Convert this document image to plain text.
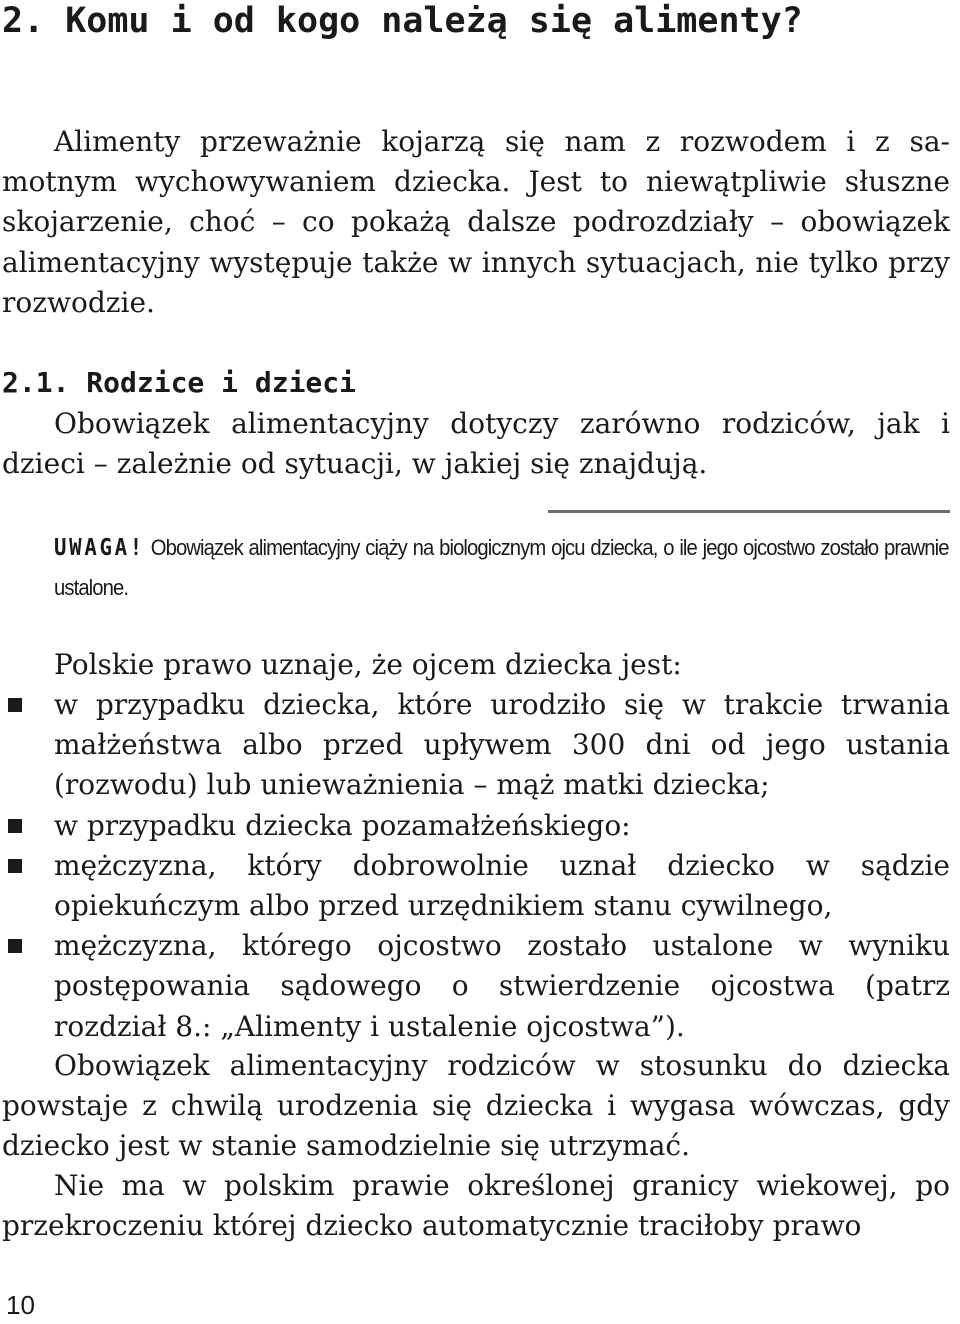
2. Komu i od kogo należą się alimenty?

Alimenty przeważnie kojarzą się nam z rozwodem i z samotnym wychowywaniem dziecka. Jest to niewątpliwie słuszne skojarzenie, choć – co pokażą dalsze podrozdziały – obowiązek alimentacyjny występuje także w innych sytuacjach, nie tylko przy rozwodzie.

2.1. Rodzice i dzieci

Obowiązek alimentacyjny dotyczy zarówno rodziców, jak i dzieci – zależnie od sytuacji, w jakiej się znajdują.

UWAGA! Obowiązek alimentacyjny ciąży na biologicznym ojcu dziecka, o ile jego ojcostwo zostało prawnie ustalone.

Polskie prawo uznaje, że ojcem dziecka jest:

w przypadku dziecka, które urodziło się w trakcie trwania małżeństwa albo przed upływem 300 dni od jego ustania (rozwodu) lub unieważnienia – mąż matki dziecka;
w przypadku dziecka pozamałżeńskiego:
mężczyzna, który dobrowolnie uznał dziecko w sądzie opiekuńczym albo przed urzędnikiem stanu cywilnego,
mężczyzna, którego ojcostwo zostało ustalone w wyniku postępowania sądowego o stwierdzenie ojcostwa (patrz rozdział 8.: „Alimenty i ustalenie ojcostwa”).

Obowiązek alimentacyjny rodziców w stosunku do dziecka powstaje z chwilą urodzenia się dziecka i wygasa wówczas, gdy dziecko jest w stanie samodzielnie się utrzymać.

Nie ma w polskim prawie określonej granicy wiekowej, po przekroczeniu której dziecko automatycznie traciłoby prawo

10
